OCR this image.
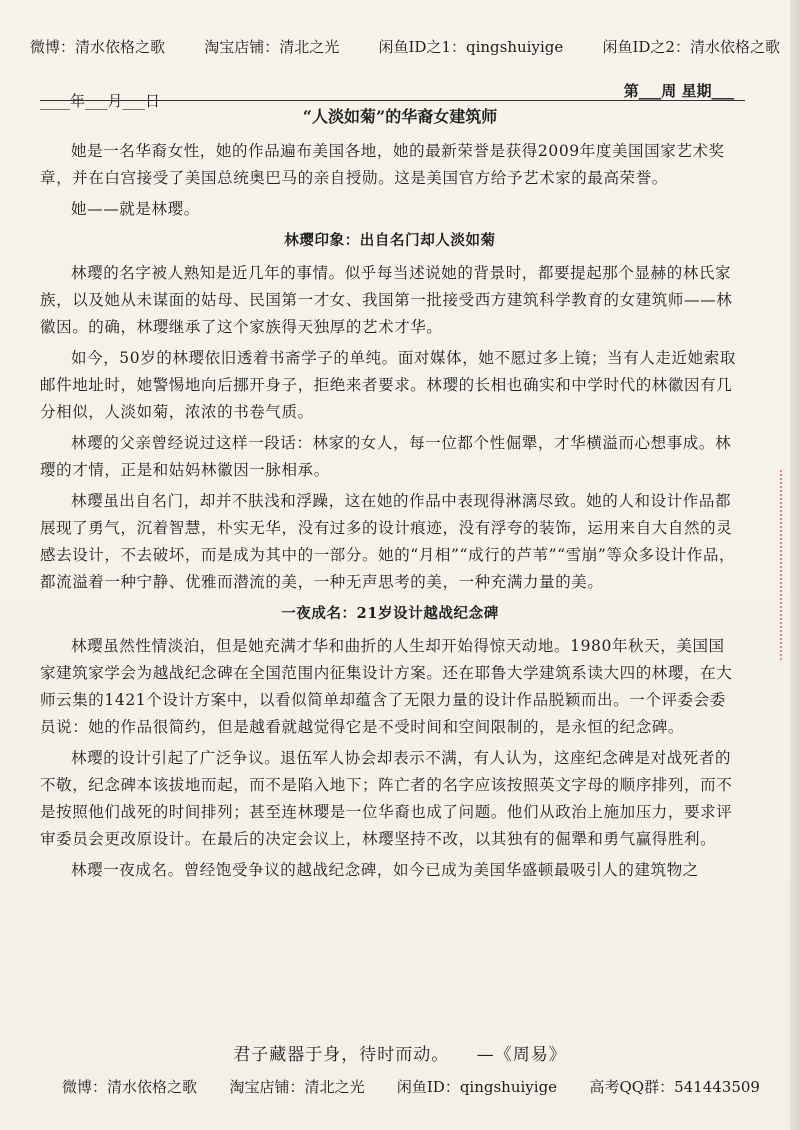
微博：清水依格之歌	淘宝店铺：清北之光	闲鱼ID之1：qingshuiyige	闲鱼ID之2：清水依格之歌
第___周 星期___
____年___月___日
“人淡如菊”的华裔女建筑师

她是一名华裔女性，她的作品遍布美国各地，她的最新荣誉是获得2009年度美国国家艺术奖章，并在白宫接受了美国总统奥巴马的亲自授勋。这是美国官方给予艺术家的最高荣誉。

她——就是林璎。

林璎印象：出自名门却人淡如菊

林璎的名字被人熟知是近几年的事情。似乎每当述说她的背景时，都要提起那个显赫的林氏家族，以及她从未谋面的姑母、民国第一才女、我国第一批接受西方建筑科学教育的女建筑师——林徽因。的确，林璎继承了这个家族得天独厚的艺术才华。

如今，50岁的林璎依旧透着书斋学子的单纯。面对媒体，她不愿过多上镜；当有人走近她索取邮件地址时，她警惕地向后挪开身子，拒绝来者要求。林璎的长相也确实和中学时代的林徽因有几分相似，人淡如菊，浓浓的书卷气质。

林璎的父亲曾经说过这样一段话：林家的女人，每一位都个性倔犟，才华横溢而心想事成。林璎的才情，正是和姑妈林徽因一脉相承。

林璎虽出自名门，却并不肤浅和浮躁，这在她的作品中表现得淋漓尽致。她的人和设计作品都展现了勇气，沉着智慧，朴实无华，没有过多的设计痕迹，没有浮夸的装饰，运用来自大自然的灵感去设计，不去破坏，而是成为其中的一部分。她的“月相”“成行的芦苇”“雪崩”等众多设计作品，都流溢着一种宁静、优雅而潜流的美，一种无声思考的美，一种充满力量的美。

一夜成名：21岁设计越战纪念碑

林璎虽然性情淡泊，但是她充满才华和曲折的人生却开始得惊天动地。1980年秋天，美国国家建筑家学会为越战纪念碑在全国范围内征集设计方案。还在耶鲁大学建筑系读大四的林璎，在大师云集的1421个设计方案中，以看似简单却蕴含了无限力量的设计作品脱颖而出。一个评委会委员说：她的作品很简约，但是越看就越觉得它是不受时间和空间限制的，是永恒的纪念碑。

林璎的设计引起了广泛争议。退伍军人协会却表示不满，有人认为，这座纪念碑是对战死者的不敬，纪念碑本该拔地而起，而不是陷入地下；阵亡者的名字应该按照英文字母的顺序排列，而不是按照他们战死的时间排列；甚至连林璎是一位华裔也成了问题。他们从政治上施加压力，要求评审委员会更改原设计。在最后的决定会议上，林璎坚持不改，以其独有的倔犟和勇气赢得胜利。

林璎一夜成名。曾经饱受争议的越战纪念碑，如今已成为美国华盛顿最吸引人的建筑物之

君子藏器于身，待时而动。　　—《周易》
微博：清水依格之歌 淘宝店铺：清北之光 闲鱼ID：qingshuiyige 高考QQ群：541443509
